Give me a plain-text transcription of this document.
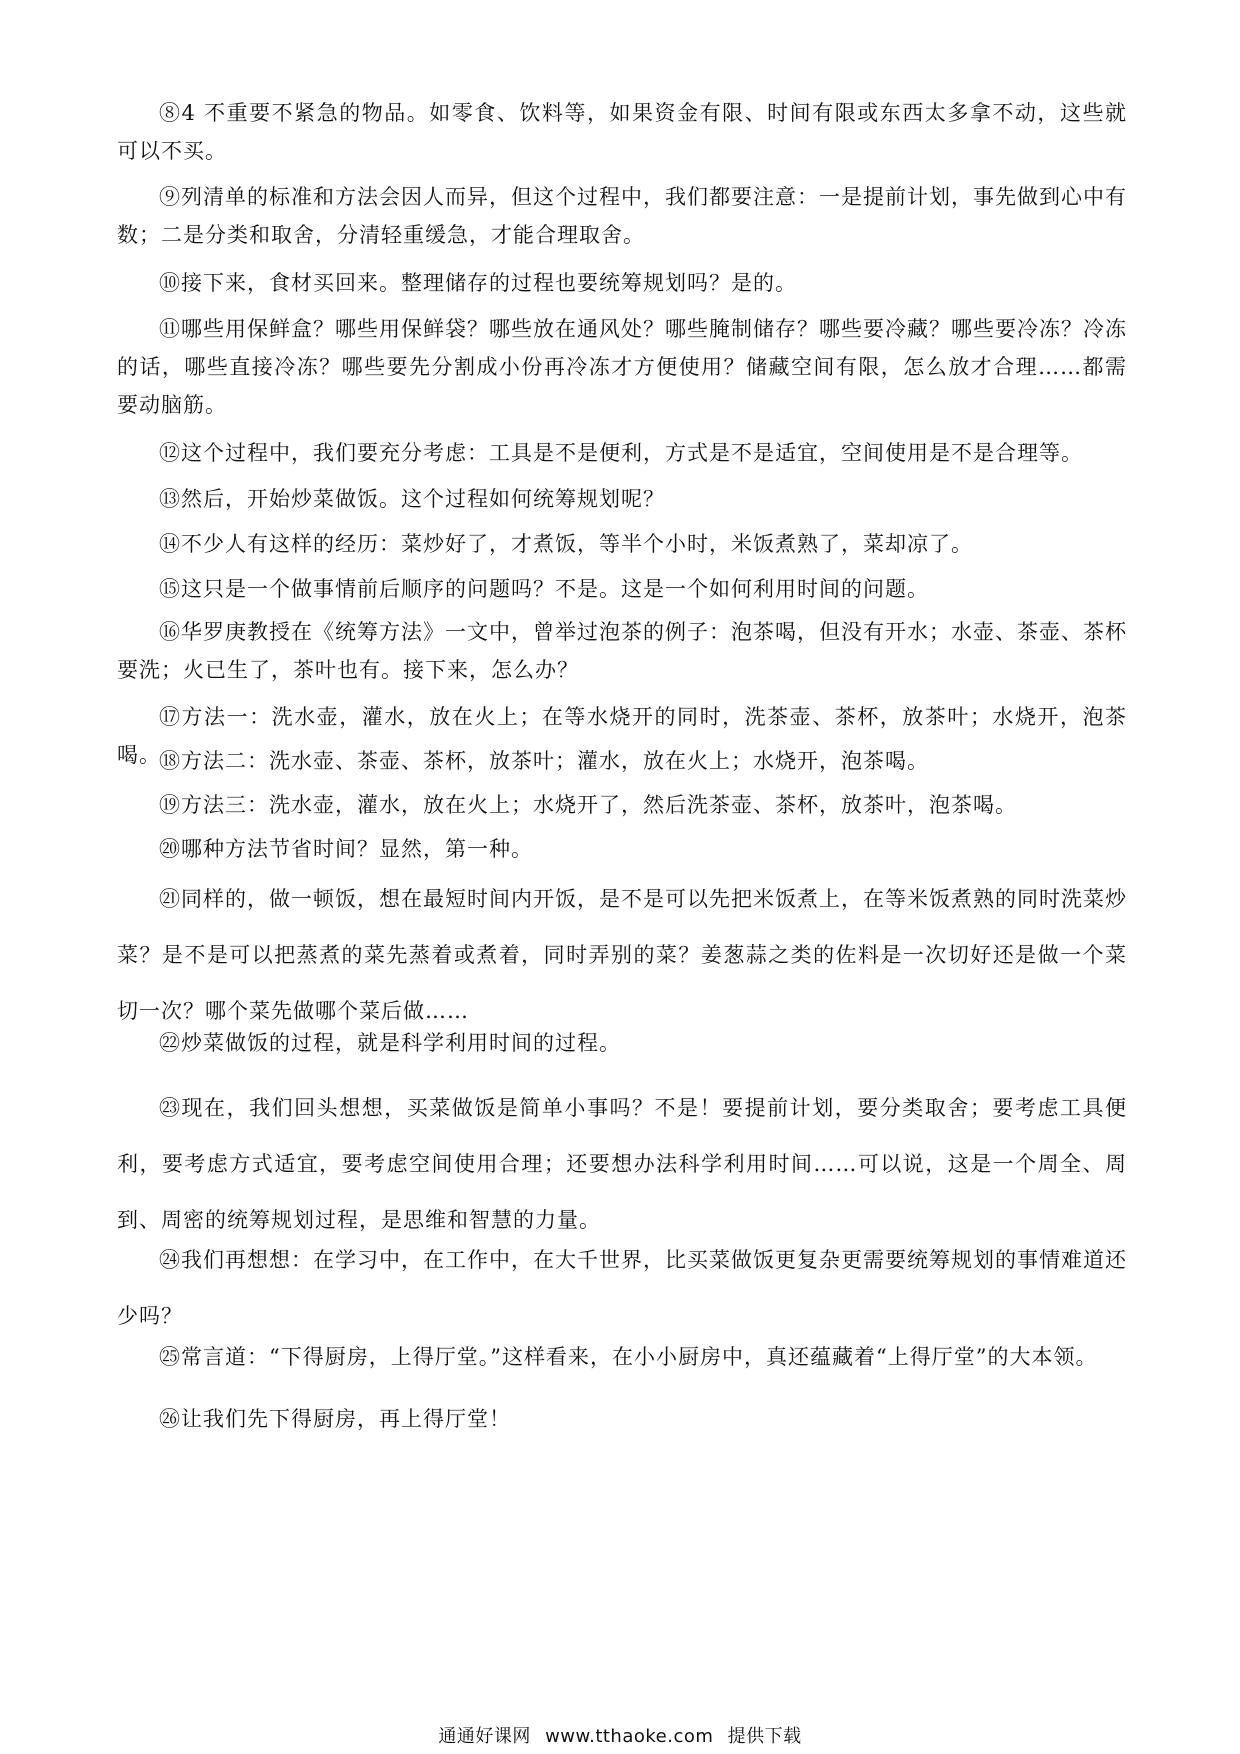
⑧4 不重要不紧急的物品。如零食、饮料等，如果资金有限、时间有限或东西太多拿不动，这些就可以不买。

⑨列清单的标准和方法会因人而异，但这个过程中，我们都要注意：一是提前计划，事先做到心中有数；二是分类和取舍，分清轻重缓急，才能合理取舍。

⑩接下来，食材买回来。整理储存的过程也要统筹规划吗？是的。

⑪哪些用保鲜盒？哪些用保鲜袋？哪些放在通风处？哪些腌制储存？哪些要冷藏？哪些要冷冻？冷冻的话，哪些直接冷冻？哪些要先分割成小份再冷冻才方便使用？储藏空间有限，怎么放才合理……都需要动脑筋。

⑫这个过程中，我们要充分考虑：工具是不是便利，方式是不是适宜，空间使用是不是合理等。

⑬然后，开始炒菜做饭。这个过程如何统筹规划呢？

⑭不少人有这样的经历：菜炒好了，才煮饭，等半个小时，米饭煮熟了，菜却凉了。

⑮这只是一个做事情前后顺序的问题吗？不是。这是一个如何利用时间的问题。

⑯华罗庚教授在《统筹方法》一文中，曾举过泡茶的例子：泡茶喝，但没有开水；水壶、茶壶、茶杯要洗；火已生了，茶叶也有。接下来，怎么办？

⑰方法一：洗水壶，灌水，放在火上；在等水烧开的同时，洗茶壶、茶杯，放茶叶；水烧开，泡茶喝。

⑱方法二：洗水壶、茶壶、茶杯，放茶叶；灌水，放在火上；水烧开，泡茶喝。

⑲方法三：洗水壶，灌水，放在火上；水烧开了，然后洗茶壶、茶杯，放茶叶，泡茶喝。

⑳哪种方法节省时间？显然，第一种。

㉑同样的，做一顿饭，想在最短时间内开饭，是不是可以先把米饭煮上，在等米饭煮熟的同时洗菜炒菜？是不是可以把蒸煮的菜先蒸着或煮着，同时弄别的菜？姜葱蒜之类的佐料是一次切好还是做一个菜切一次？哪个菜先做哪个菜后做……

㉒炒菜做饭的过程，就是科学利用时间的过程。

㉓现在，我们回头想想，买菜做饭是简单小事吗？不是！要提前计划，要分类取舍；要考虑工具便利，要考虑方式适宜，要考虑空间使用合理；还要想办法科学利用时间……可以说，这是一个周全、周到、周密的统筹规划过程，是思维和智慧的力量。

㉔我们再想想：在学习中，在工作中，在大千世界，比买菜做饭更复杂更需要统筹规划的事情难道还少吗？

㉕常言道：“下得厨房，上得厅堂。”这样看来，在小小厨房中，真还蕴藏着“上得厅堂”的大本领。

㉖让我们先下得厨房，再上得厅堂！

通通好课网 www.tthaoke.com 提供下载
